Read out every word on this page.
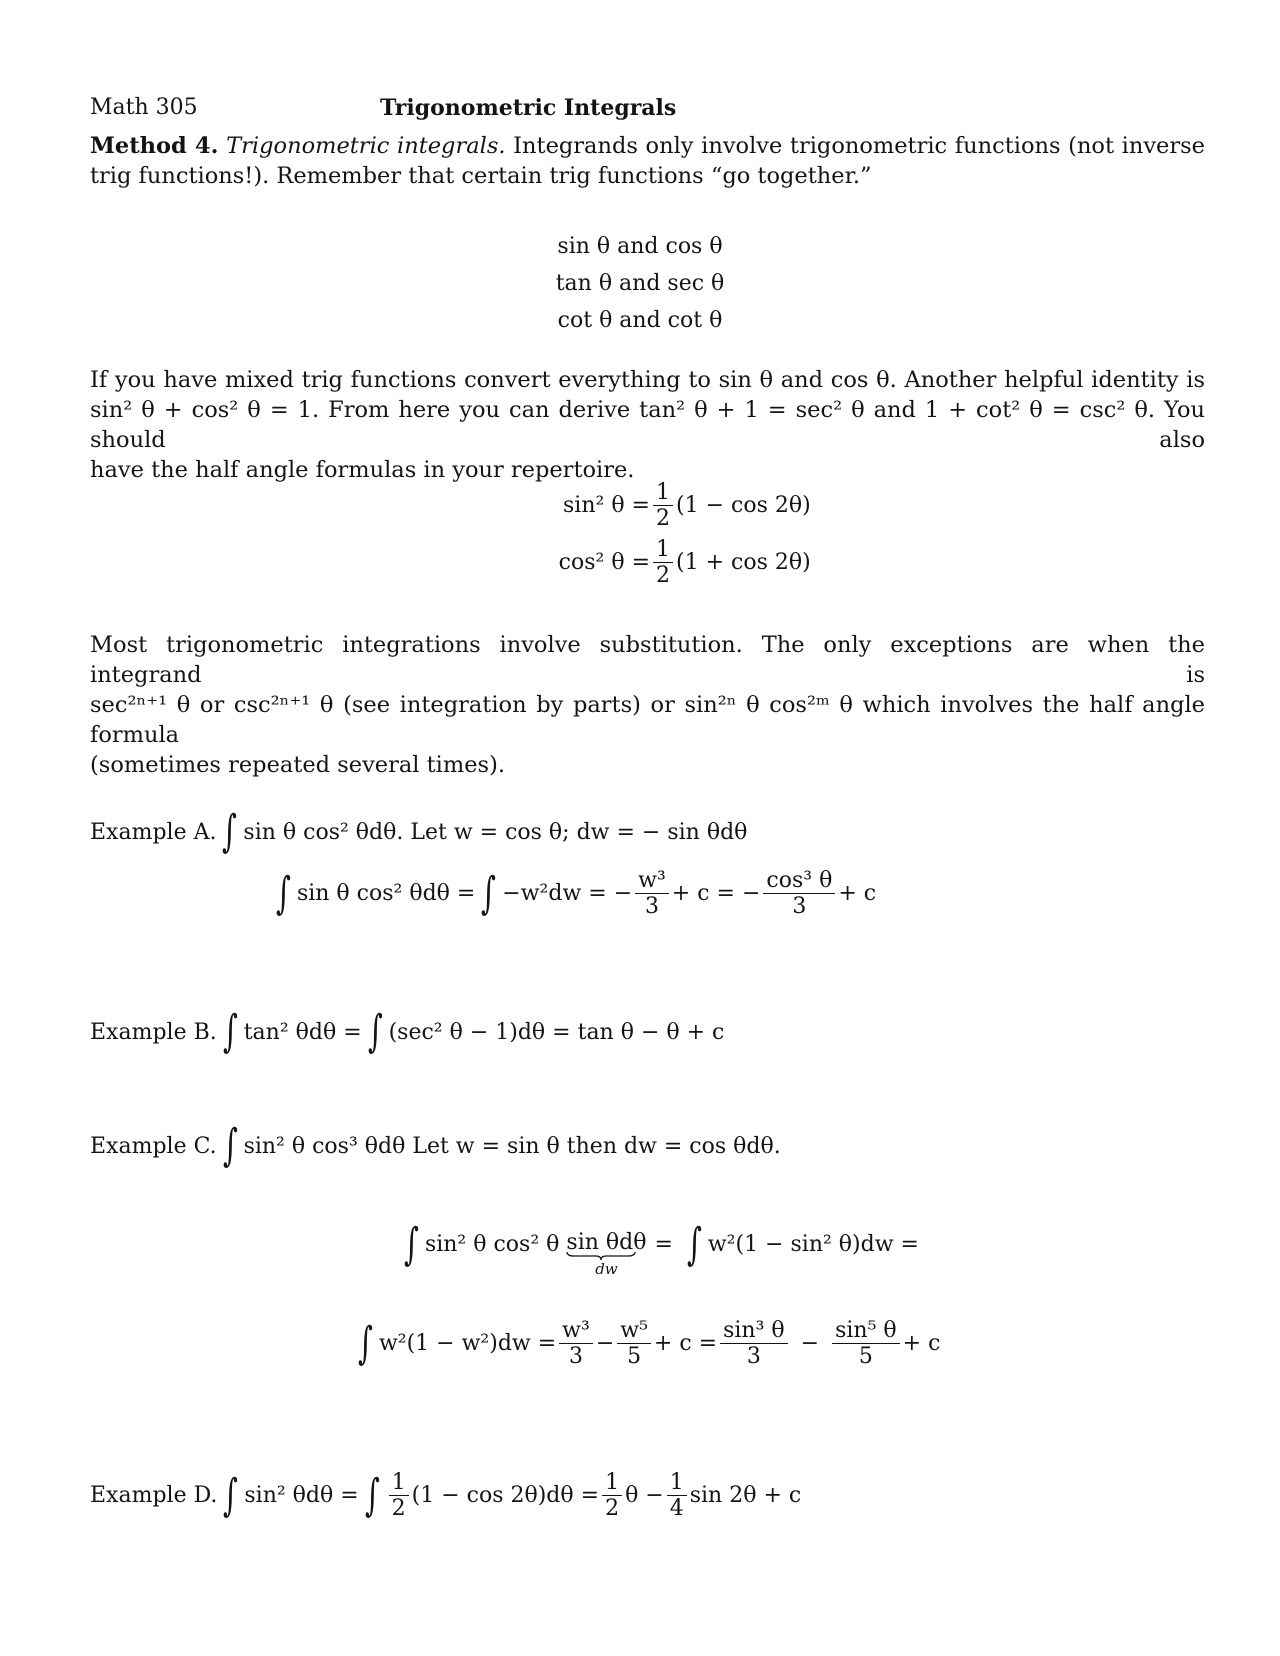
Math 305	Trigonometric Integrals
Method 4. Trigonometric integrals. Integrands only involve trigonometric functions (not inverse trig functions!). Remember that certain trig functions “go together.”
sin θ and cos θ
tan θ and sec θ
cot θ and cot θ
If you have mixed trig functions convert everything to sin θ and cos θ. Another helpful identity is
sin² θ + cos² θ = 1. From here you can derive tan² θ + 1 = sec² θ and 1 + cot² θ = csc² θ. You should also
have the half angle formulas in your repertoire.
sin² $\theta = \frac{1}{2} (1 - \cos 2\theta)$
cos² $\theta = \frac{1}{2} (1 + \cos 2\theta)$
Most trigonometric integrations involve substitution. The only exceptions are when the integrand is
sec²ⁿ⁺¹ θ or csc²ⁿ⁺¹ θ (see integration by parts) or sin²ⁿ θ cos²ᵐ θ which involves the half angle formula
(sometimes repeated several times).
Example A. ∫ sin θ cos² θdθ. Let w = cos θ; dw = − sin θdθ
∫ sin θ cos² θdθ = ∫ −w²dw = − $\frac{\text{w³}}{3} + c$ = − $\frac{\text{cos³ θ}}{3} + c$
Example B. ∫ tan² θdθ = ∫ (sec² θ − 1)dθ = tan θ − θ + c
Example C. ∫ sin² θ cos³ θdθ Let w = sin θ then dw = cos θdθ.
∫ sin² θ cos² θ
sin θdθ
dw
= ∫ w²(1 − sin² θ)dw =
∫ $w^2(1 - w^2)dw = \frac{\text{w³}}{3} - \frac{\text{w⁵}}{5} + c = \frac{\text{sin³ θ}}{3} - \frac{\text{sin⁵ θ}}{5} + c$
Example D. ∫ sin² θdθ = ∫ $\frac{1}{2} (1 - \cos 2\theta)d\theta = \frac{1}{2}$ $\theta - \frac{1}{4}$ sin 2θ + c
